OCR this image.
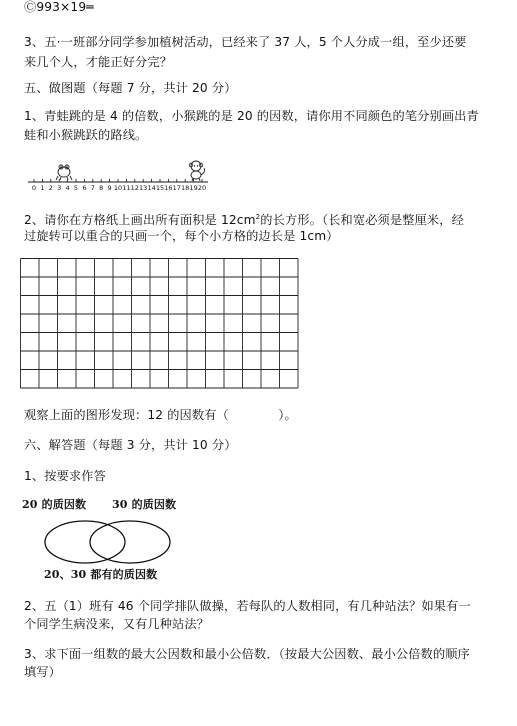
Ⓒ993×19═
3、五·一班部分同学参加植树活动，已经来了 37 人，5 个人分成一组，至少还要
来几个人，才能正好分完？
五、做图题（每题 7 分，共计 20 分）
1、青蛙跳的是 4 的倍数，小猴跳的是 20 的因数，请你用不同颜色的笔分别画出青
蛙和小猴跳跃的路线。
0 1 2 3 4 5 6 7 8 9 10 11 12 13 14 15 16 17 18 19 20
2、请你在方格纸上画出所有面积是 $12cm^2$的长方形。（长和宽必须是整厘米，经
过旋转可以重合的只画一个，每个小方格的边长是 1cm）
观察上面的图形发现：12 的因数有（　　　　）。
六、解答题（每题 3 分，共计 10 分）
1、按要求作答
20 的质因数 30 的质因数
20、30 都有的质因数
2、五（1）班有 46 个同学排队做操，若每队的人数相同，有几种站法？如果有一
个同学生病没来，又有几种站法？
3、求下面一组数的最大公因数和最小公倍数．（按最大公因数、最小公倍数的顺序
填写）
